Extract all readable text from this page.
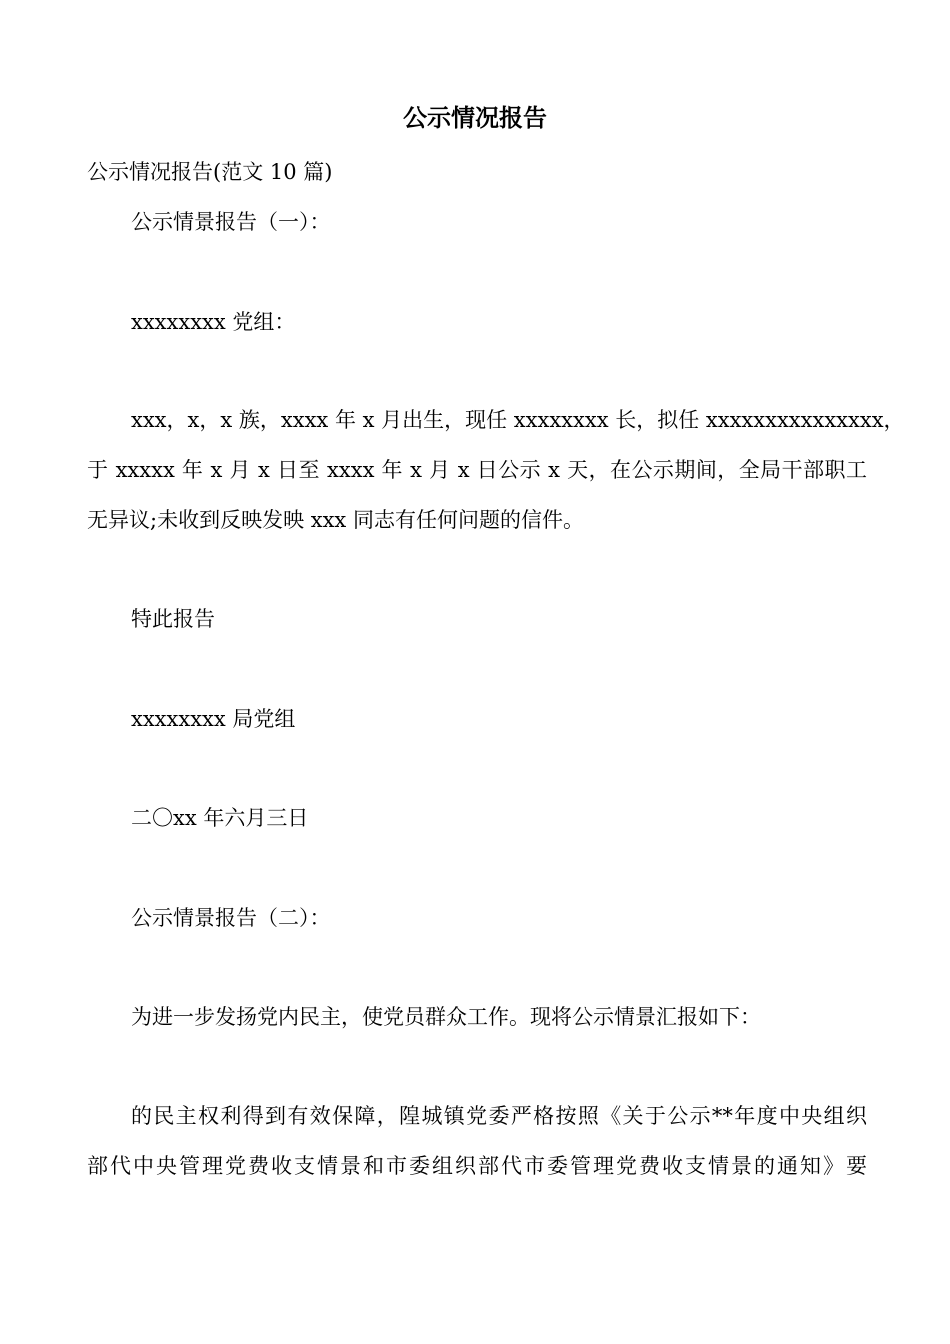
公示情况报告
公示情况报告(范文 10 篇)
公示情景报告（一）：
xxxxxxxx 党组：
xxx，x，x 族，xxxx 年 x 月出生，现任 xxxxxxxx 长，拟任 xxxxxxxxxxxxxxx，
于 xxxxx 年 x 月 x 日至 xxxx 年 x 月 x 日公示 x 天，在公示期间，全局干部职工
无异议;未收到反映发映 xxx 同志有任何问题的信件。
特此报告
xxxxxxxx 局党组
二〇xx 年六月三日
公示情景报告（二）：
为进一步发扬党内民主，使党员群众工作。现将公示情景汇报如下：
的民主权利得到有效保障，隍城镇党委严格按照《关于公示**年度中央组织
部代中央管理党费收支情景和市委组织部代市委管理党费收支情景的通知》要
